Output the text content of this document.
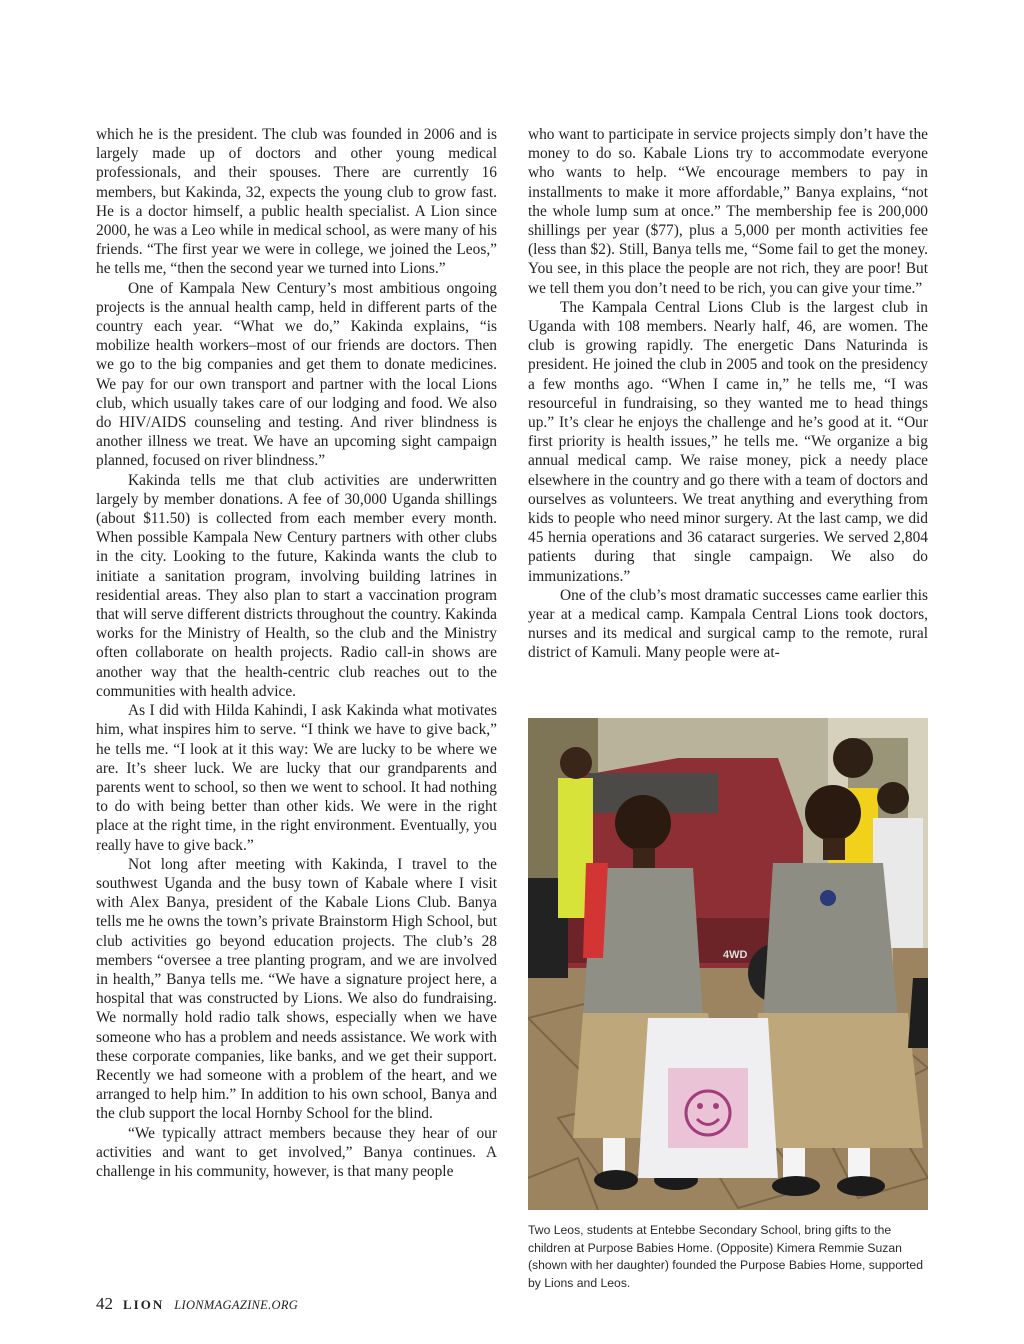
which he is the president. The club was founded in 2006 and is largely made up of doctors and other young medical professionals, and their spouses. There are currently 16 members, but Kakinda, 32, expects the young club to grow fast. He is a doctor himself, a public health specialist. A Lion since 2000, he was a Leo while in medical school, as were many of his friends. “The first year we were in college, we joined the Leos,” he tells me, “then the second year we turned into Lions.”

One of Kampala New Century’s most ambitious ongoing projects is the annual health camp, held in different parts of the country each year. “What we do,” Kakinda explains, “is mobilize health workers–most of our friends are doctors. Then we go to the big companies and get them to donate medicines. We pay for our own transport and partner with the local Lions club, which usually takes care of our lodging and food. We also do HIV/AIDS counseling and testing. And river blindness is another illness we treat. We have an upcoming sight campaign planned, focused on river blindness.”

Kakinda tells me that club activities are underwritten largely by member donations. A fee of 30,000 Uganda shillings (about $11.50) is collected from each member every month. When possible Kampala New Century partners with other clubs in the city. Looking to the future, Kakinda wants the club to initiate a sanitation program, involving building latrines in residential areas. They also plan to start a vaccination program that will serve different districts throughout the country. Kakinda works for the Ministry of Health, so the club and the Ministry often collaborate on health projects. Radio call-in shows are another way that the health-centric club reaches out to the communities with health advice.

As I did with Hilda Kahindi, I ask Kakinda what motivates him, what inspires him to serve. “I think we have to give back,” he tells me. “I look at it this way: We are lucky to be where we are. It’s sheer luck. We are lucky that our grandparents and parents went to school, so then we went to school. It had nothing to do with being better than other kids. We were in the right place at the right time, in the right environment. Eventually, you really have to give back.”

Not long after meeting with Kakinda, I travel to the southwest Uganda and the busy town of Kabale where I visit with Alex Banya, president of the Kabale Lions Club. Banya tells me he owns the town’s private Brainstorm High School, but club activities go beyond education projects. The club’s 28 members “oversee a tree planting program, and we are involved in health,” Banya tells me. “We have a signature project here, a hospital that was constructed by Lions. We also do fundraising. We normally hold radio talk shows, especially when we have someone who has a problem and needs assistance. We work with these corporate companies, like banks, and we get their support. Recently we had someone with a problem of the heart, and we arranged to help him.” In addition to his own school, Banya and the club support the local Hornby School for the blind.

“We typically attract members because they hear of our activities and want to get involved,” Banya continues. A challenge in his community, however, is that many people

who want to participate in service projects simply don’t have the money to do so. Kabale Lions try to accommodate everyone who wants to help. “We encourage members to pay in installments to make it more affordable,” Banya explains, “not the whole lump sum at once.” The membership fee is 200,000 shillings per year ($77), plus a 5,000 per month activities fee (less than $2). Still, Banya tells me, “Some fail to get the money. You see, in this place the people are not rich, they are poor! But we tell them you don’t need to be rich, you can give your time.”

The Kampala Central Lions Club is the largest club in Uganda with 108 members. Nearly half, 46, are women. The club is growing rapidly. The energetic Dans Naturinda is president. He joined the club in 2005 and took on the presidency a few months ago. “When I came in,” he tells me, “I was resourceful in fundraising, so they wanted me to head things up.” It’s clear he enjoys the challenge and he’s good at it. “Our first priority is health issues,” he tells me. “We organize a big annual medical camp. We raise money, pick a needy place elsewhere in the country and go there with a team of doctors and ourselves as volunteers. We treat anything and everything from kids to people who need minor surgery. At the last camp, we did 45 hernia operations and 36 cataract surgeries. We served 2,804 patients during that single campaign. We also do immunizations.”

One of the club’s most dramatic successes came earlier this year at a medical camp. Kampala Central Lions took doctors, nurses and its medical and surgical camp to the remote, rural district of Kamuli. Many people were at-

4WD

Two Leos, students at Entebbe Secondary School, bring gifts to the children at Purpose Babies Home. (Opposite) Kimera Remmie Suzan (shown with her daughter) founded the Purpose Babies Home, supported by Lions and Leos.

42 LION LIONMAGAZINE.ORG
